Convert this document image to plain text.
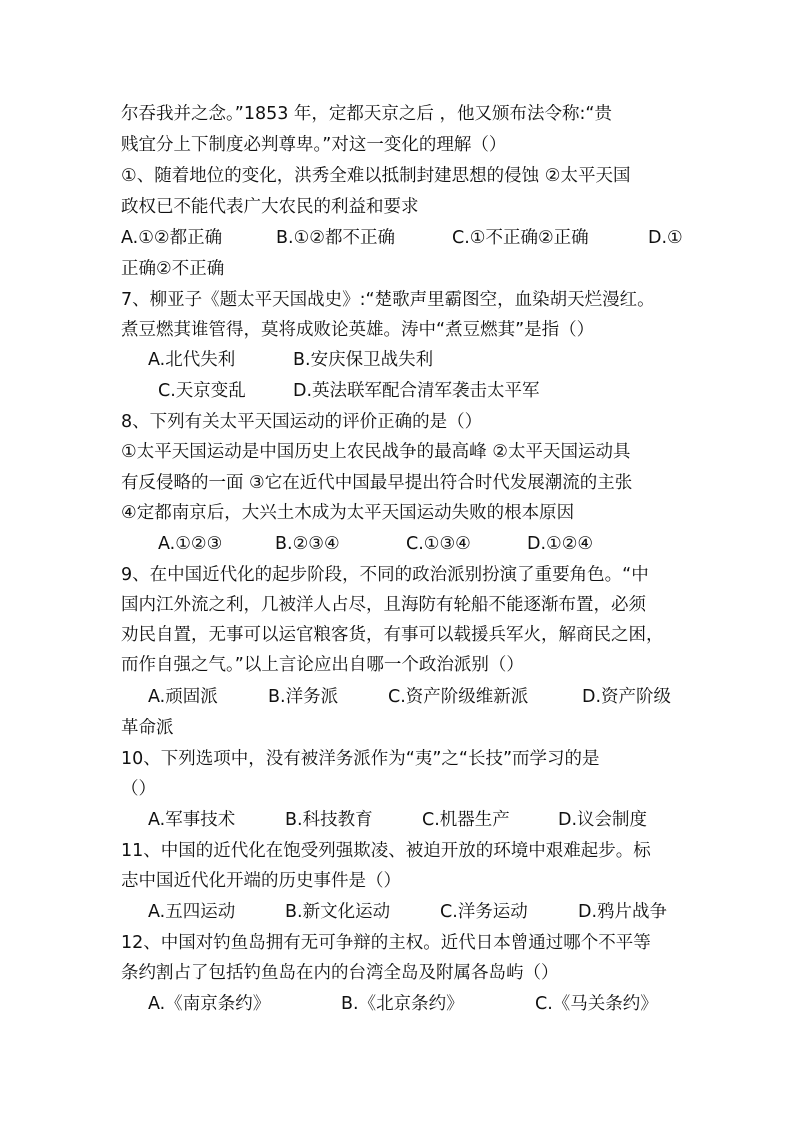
尔吞我并之念。”1853 年，定都天京之后 ，他又颁布法令称:“贵
贱宜分上下制度必判尊卑。”对这一变化的理解（）
①、随着地位的变化，洪秀全难以抵制封建思想的侵蚀 ②太平天国
政权已不能代表广大农民的利益和要求
A.①②都正确	B.①②都不正确	C.①不正确②正确	D.①
正确②不正确
7、柳亚子《题太平天国战史》:“楚歌声里霸图空，血染胡天烂漫红。
煮豆燃萁谁管得，莫将成败论英雄。涛中“煮豆燃萁”是指（）
A.北代失利	B.安庆保卫战失利
C.天京变乱	D.英法联军配合清军袭击太平军
8、下列有关太平天国运动的评价正确的是（）
①太平天国运动是中国历史上农民战争的最高峰 ②太平天国运动具
有反侵略的一面 ③它在近代中国最早提出符合时代发展潮流的主张
④定都南京后，大兴土木成为太平天国运动失败的根本原因
A.①②③	B.②③④	C.①③④	D.①②④
9、在中国近代化的起步阶段，不同的政治派别扮演了重要角色。“中
国内江外流之利，几被洋人占尽，且海防有轮船不能逐渐布置，必须
劝民自置，无事可以运官粮客货，有事可以载援兵军火，解商民之困，
而作自强之气。”以上言论应出自哪一个政治派别（）
A.顽固派	B.洋务派	C.资产阶级维新派	D.资产阶级
革命派
10、下列选项中，没有被洋务派作为“夷”之“长技”而学习的是
（）
A.军事技术	B.科技教育	C.机器生产	D.议会制度
11、中国的近代化在饱受列强欺凌、被迫开放的环境中艰难起步。标
志中国近代化开端的历史事件是（）
A.五四运动	B.新文化运动	C.洋务运动	D.鸦片战争
12、中国对钓鱼岛拥有无可争辩的主权。近代日本曾通过哪个不平等
条约割占了包括钓鱼岛在内的台湾全岛及附属各岛屿（）
A.《南京条约》	B.《北京条约》	C.《马关条约》
